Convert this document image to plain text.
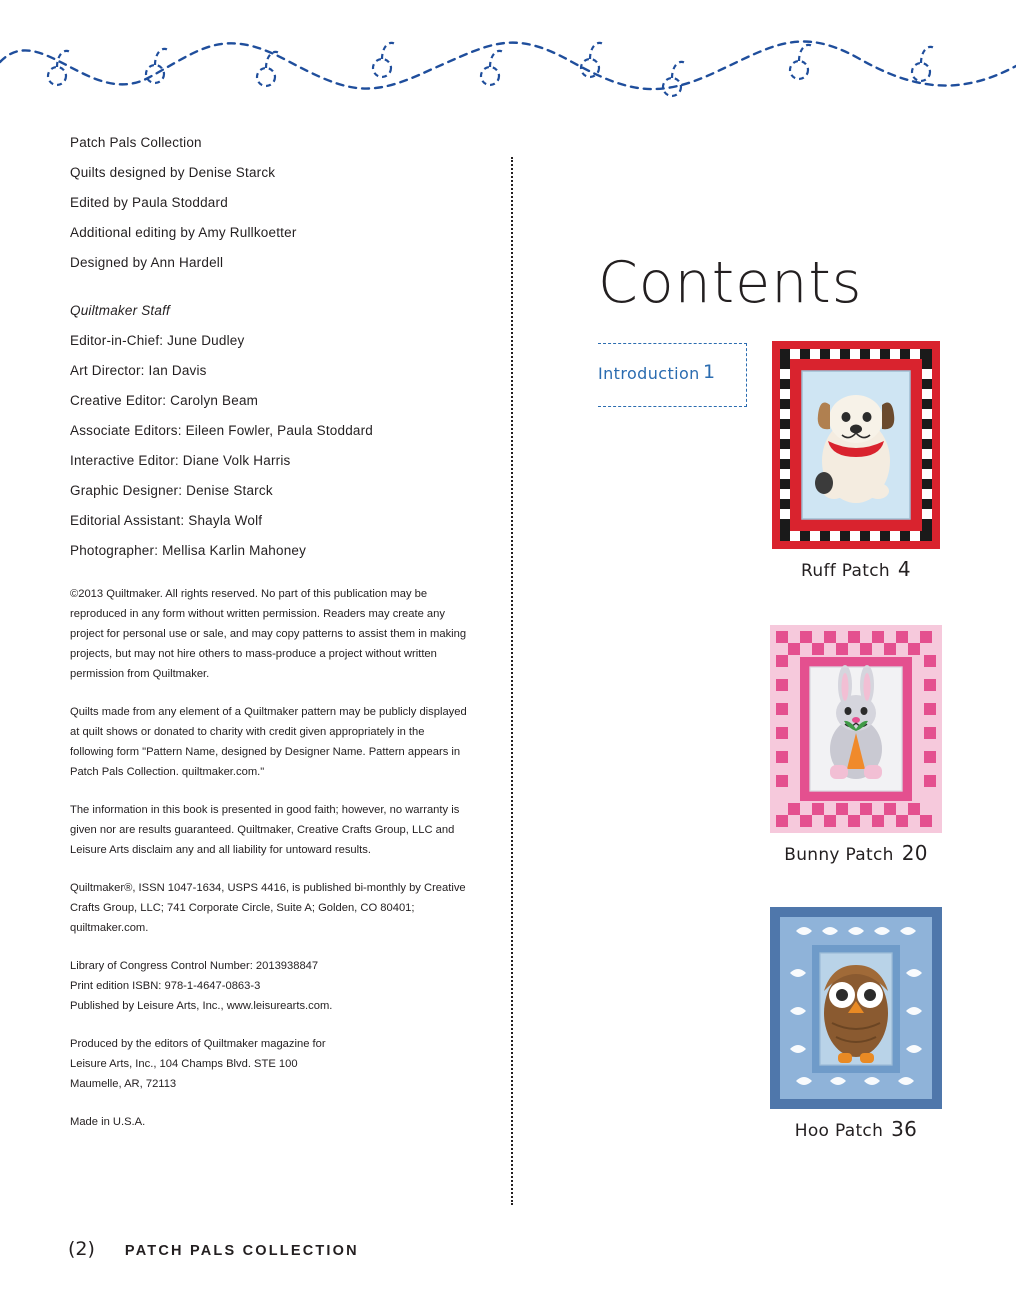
Patch Pals Collection
Quilts designed by Denise Starck
Edited by Paula Stoddard
Additional editing by Amy Rullkoetter
Designed by Ann Hardell
Quiltmaker Staff
Editor-in-Chief: June Dudley
Art Director: Ian Davis
Creative Editor: Carolyn Beam
Associate Editors: Eileen Fowler, Paula Stoddard
Interactive Editor: Diane Volk Harris
Graphic Designer: Denise Starck
Editorial Assistant: Shayla Wolf
Photographer: Mellisa Karlin Mahoney

©2013 Quiltmaker. All rights reserved. No part of this publication may be reproduced in any form without written permission. Readers may create any project for personal use or sale, and may copy patterns to assist them in making projects, but may not hire others to mass-produce a project without written permission from Quiltmaker.

Quilts made from any element of a Quiltmaker pattern may be publicly displayed at quilt shows or donated to charity with credit given appropriately in the following form "Pattern Name, designed by Designer Name. Pattern appears in Patch Pals Collection. quiltmaker.com."

The information in this book is presented in good faith; however, no warranty is given nor are results guaranteed. Quiltmaker, Creative Crafts Group, LLC and Leisure Arts disclaim any and all liability for untoward results.

Quiltmaker®, ISSN 1047-1634, USPS 4416, is published bi-monthly by Creative Crafts Group, LLC; 741 Corporate Circle, Suite A; Golden, CO 80401; quiltmaker.com.

Library of Congress Control Number: 2013938847

Print edition ISBN: 978-1-4647-0863-3

Published by Leisure Arts, Inc., www.leisurearts.com.

Produced by the editors of Quiltmaker magazine for

Leisure Arts, Inc., 104 Champs Blvd. STE 100

Maumelle, AR, 72113

Made in U.S.A.

Contents
Introduction 1
Ruff Patch 4
Bunny Patch 20
Hoo Patch 36
(2) PATCH PALS COLLECTION
